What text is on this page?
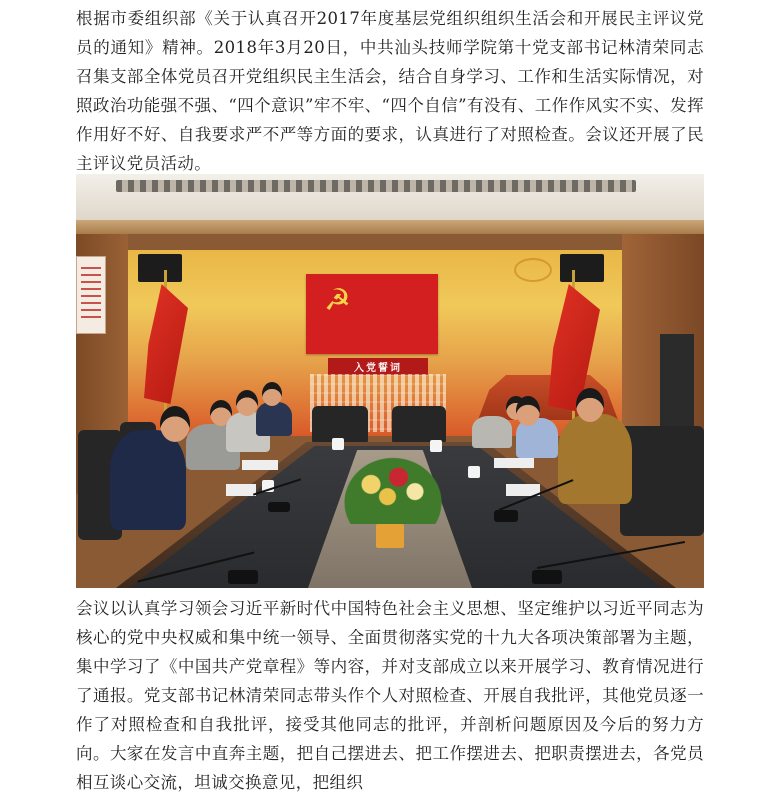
根据市委组织部《关于认真召开2017年度基层党组织组织生活会和开展民主评议党员的通知》精神。2018年3月20日，中共汕头技师学院第十党支部书记林清荣同志召集支部全体党员召开党组织民主生活会，结合自身学习、工作和生活实际情况，对照政治功能强不强、“四个意识”牢不牢、“四个自信”有没有、工作作风实不实、发挥作用好不好、自我要求严不严等方面的要求，认真进行了对照检查。会议还开展了民主评议党员活动。

☭
入党誓词

会议以认真学习领会习近平新时代中国特色社会主义思想、坚定维护以习近平同志为核心的党中央权威和集中统一领导、全面贯彻落实党的十九大各项决策部署为主题，集中学习了《中国共产党章程》等内容，并对支部成立以来开展学习、教育情况进行了通报。党支部书记林清荣同志带头作个人对照检查、开展自我批评，其他党员逐一作了对照检查和自我批评，接受其他同志的批评，并剖析问题原因及今后的努力方向。大家在发言中直奔主题，把自己摆进去、把工作摆进去、把职责摆进去，各党员相互谈心交流，坦诚交换意见，把组织
